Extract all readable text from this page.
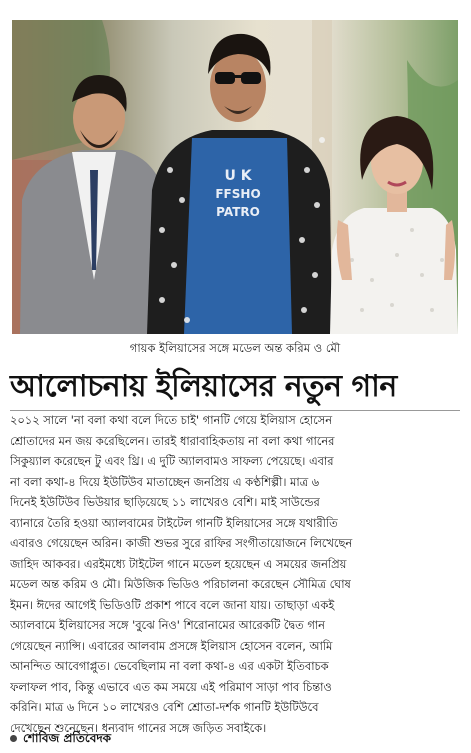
U K
FFSHO
PATRO
গায়ক ইলিয়াসের সঙ্গে মডেল অন্ত করিম ও মৌ
আলোচনায় ইলিয়াসের নতুন গান
২০১২ সালে 'না বলা কথা বলে দিতে চাই' গানটি গেয়ে ইলিয়াস হোসেন
শ্রোতাদের মন জয় করেছিলেন। তারই ধারাবাহিকতায় না বলা কথা গানের
সিকুয়্যাল করেছেন টু এবং থ্রি। এ দুটি অ্যালবামও সাফল্য পেয়েছে। এবার
না বলা কথা-৪ দিয়ে ইউটিউব মাতাচ্ছেন জনপ্রিয় এ কণ্ঠশিল্পী। মাত্র ৬
দিনেই ইউটিউব ভিউয়ার ছাড়িয়েছে ১১ লাখেরও বেশি। মাই সাউন্ডের
ব্যানারে তৈরি হওয়া অ্যালবামের টাইটেল গানটি ইলিয়াসের সঙ্গে যথারীতি
এবারও গেয়েছেন অরিন। কাজী শুভর সুরে রাফির সংগীতায়োজনে লিখেছেন
জাহিদ আকবর। এরইমধ্যে টাইটেল গানে মডেল হয়েছেন এ সময়ের জনপ্রিয়
মডেল অন্ত করিম ও মৌ। মিউজিক ভিডিও পরিচালনা করেছেন সৌমিত্র ঘোষ
ইমন। ঈদের আগেই ভিডিওটি প্রকাশ পাবে বলে জানা যায়। তাছাড়া একই
অ্যালবামে ইলিয়াসের সঙ্গে 'বুঝে নিও' শিরোনামের আরেকটি দ্বৈত গান
গেয়েছেন ন্যান্সি। এবারের আলবাম প্রসঙ্গে ইলিয়াস হোসেন বলেন, আমি
আনন্দিত আবেগাপ্লুত। ভেবেছিলাম না বলা কথা-৪ এর একটা ইতিবাচক
ফলাফল পাব, কিন্তু এভাবে এত কম সময়ে এই পরিমাণ সাড়া পাব চিন্তাও
করিনি। মাত্র ৬ দিনে ১০ লাখেরও বেশি শ্রোতা-দর্শক গানটি ইউটিউবে
দেখেছেন শুনেছেন। ধন্যবাদ গানের সঙ্গে জড়িত সবাইকে।
শোবিজ প্রতিবেদক
